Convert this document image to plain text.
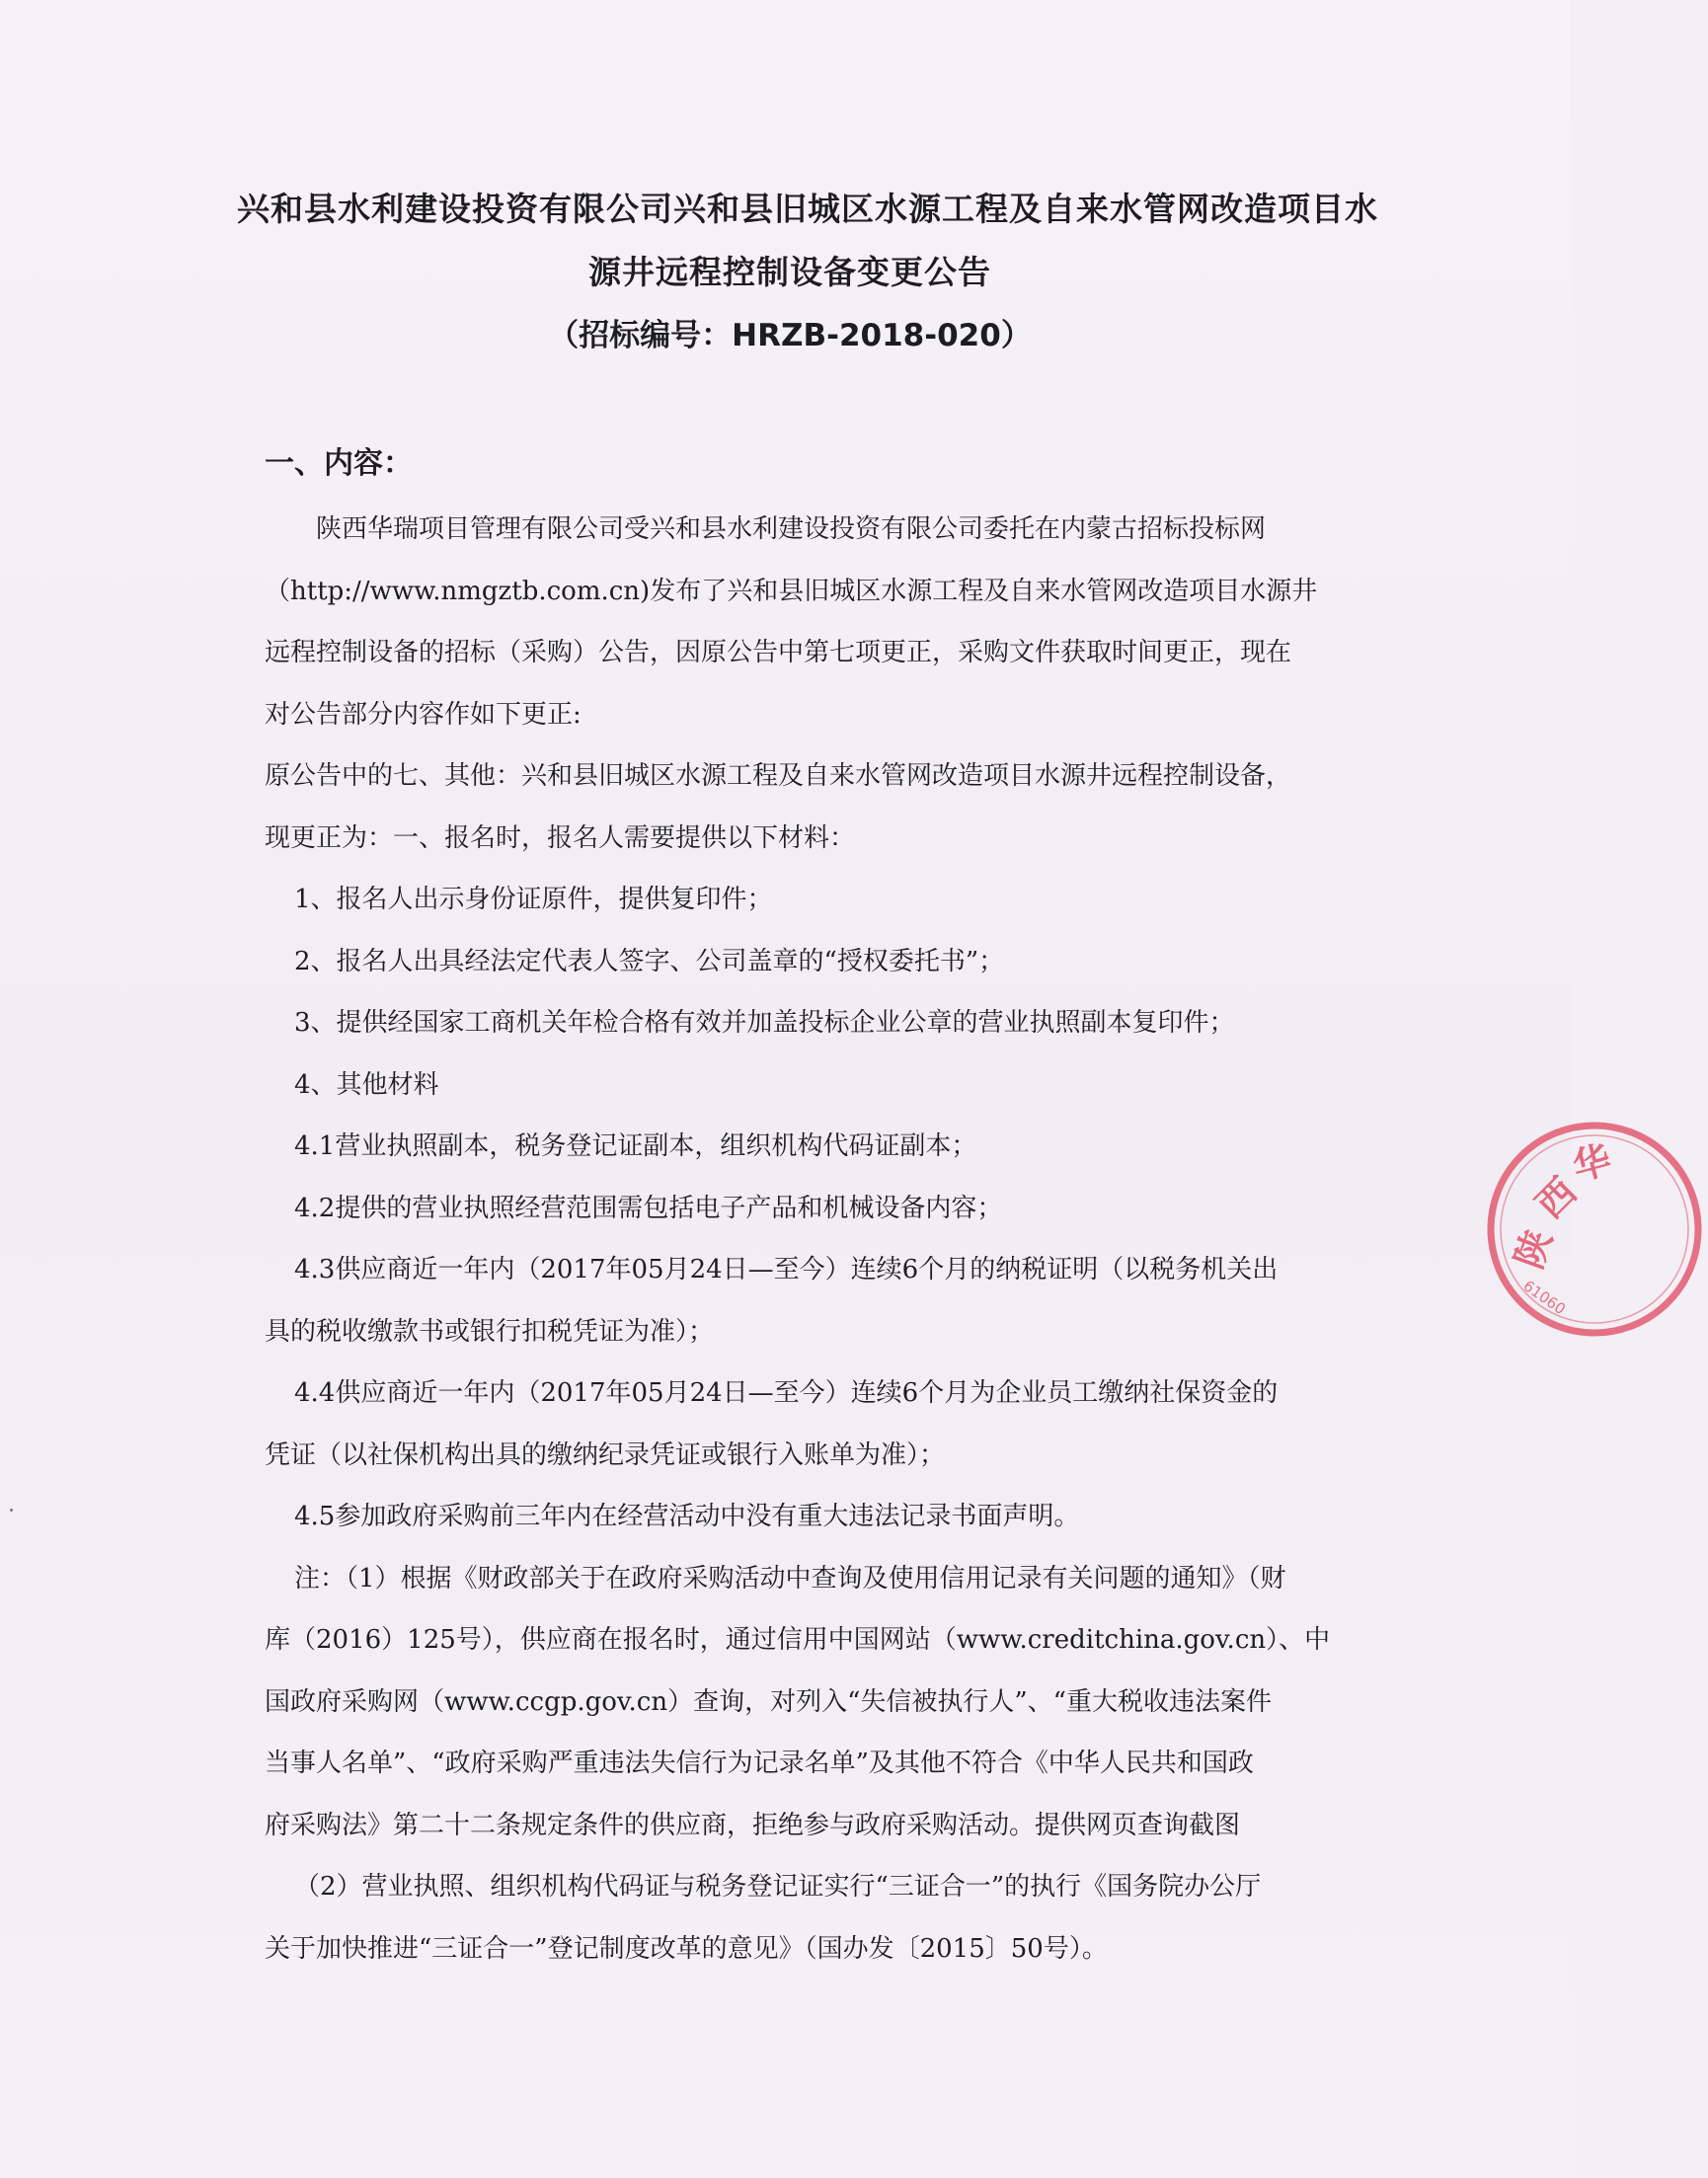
兴和县水利建设投资有限公司兴和县旧城区水源工程及自来水管网改造项目水
源井远程控制设备变更公告
（招标编号：HRZB-2018-020）
一、内容：

陕西华瑞项目管理有限公司受兴和县水利建设投资有限公司委托在内蒙古招标投标网

（http://www.nmgztb.com.cn)发布了兴和县旧城区水源工程及自来水管网改造项目水源井

远程控制设备的招标（采购）公告，因原公告中第七项更正，采购文件获取时间更正，现在

对公告部分内容作如下更正:

原公告中的七、其他：兴和县旧城区水源工程及自来水管网改造项目水源井远程控制设备，

现更正为：一、报名时，报名人需要提供以下材料：

1、报名人出示身份证原件，提供复印件；

2、报名人出具经法定代表人签字、公司盖章的“授权委托书”；

3、提供经国家工商机关年检合格有效并加盖投标企业公章的营业执照副本复印件；

4、其他材料

4.1营业执照副本，税务登记证副本，组织机构代码证副本；

4.2提供的营业执照经营范围需包括电子产品和机械设备内容；

4.3供应商近一年内（2017年05月24日—至今）连续6个月的纳税证明（以税务机关出

具的税收缴款书或银行扣税凭证为准）；

4.4供应商近一年内（2017年05月24日—至今）连续6个月为企业员工缴纳社保资金的

凭证（以社保机构出具的缴纳纪录凭证或银行入账单为准）；

4.5参加政府采购前三年内在经营活动中没有重大违法记录书面声明。

注：（1）根据《财政部关于在政府采购活动中查询及使用信用记录有关问题的通知》（财

库（2016）125号），供应商在报名时，通过信用中国网站（www.creditchina.gov.cn）、中

国政府采购网（www.ccgp.gov.cn）查询，对列入“失信被执行人”、“重大税收违法案件

当事人名单”、“政府采购严重违法失信行为记录名单”及其他不符合《中华人民共和国政

府采购法》第二十二条规定条件的供应商，拒绝参与政府采购活动。提供网页查询截图

（2）营业执照、组织机构代码证与税务登记证实行“三证合一”的执行《国务院办公厅

关于加快推进“三证合一”登记制度改革的意见》（国办发〔2015〕50号）。

陕
西
华
61060
